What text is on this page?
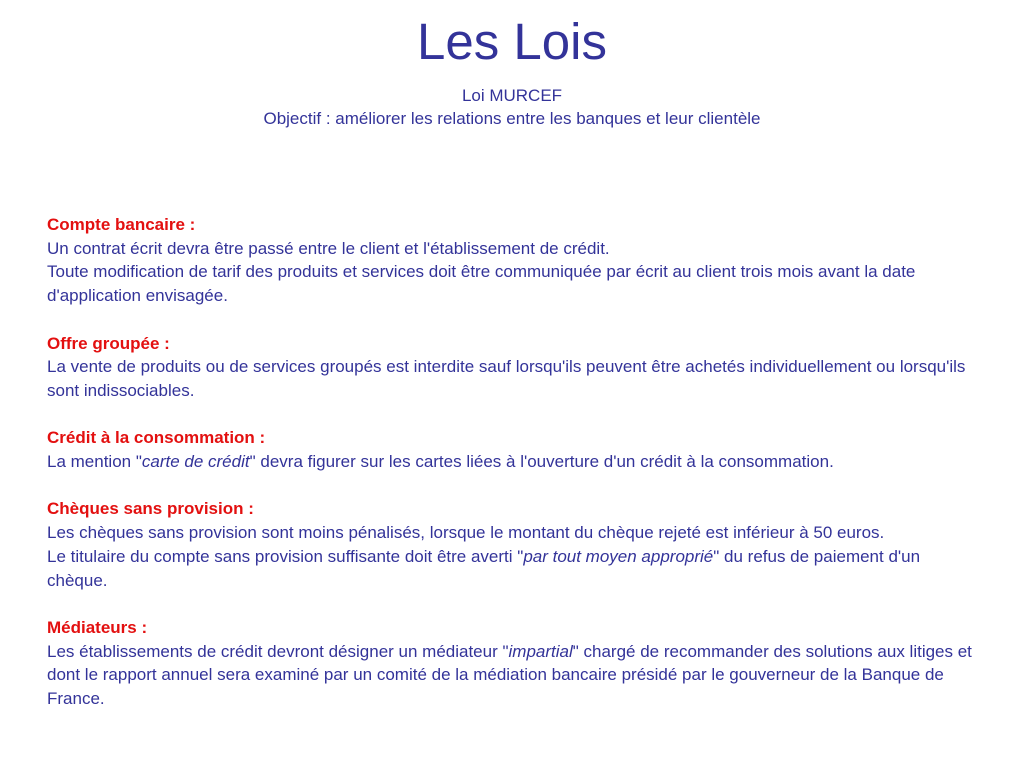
Les Lois
Loi MURCEF
Objectif : améliorer les relations entre les banques et leur clientèle
Compte bancaire :
Un contrat écrit devra être passé entre le client et l'établissement de crédit.
Toute modification de tarif des produits et services doit être communiquée par écrit au client trois mois avant la date d'application envisagée.
Offre groupée :
La vente de produits ou de services groupés est interdite sauf lorsqu'ils peuvent être achetés individuellement ou lorsqu'ils sont indissociables.
Crédit à la consommation :
La mention "carte de crédit" devra figurer sur les cartes liées à l'ouverture d'un crédit à la consommation.
Chèques sans provision :
Les chèques sans provision sont moins pénalisés, lorsque le montant du chèque rejeté est inférieur à 50 euros.
Le titulaire du compte sans provision suffisante doit être averti "par tout moyen approprié" du refus de paiement d'un chèque.
Médiateurs :
Les établissements de crédit devront désigner un médiateur "impartial" chargé de recommander des solutions aux litiges et dont le rapport annuel sera examiné par un comité de la médiation bancaire présidé par le gouverneur de la Banque de France.
